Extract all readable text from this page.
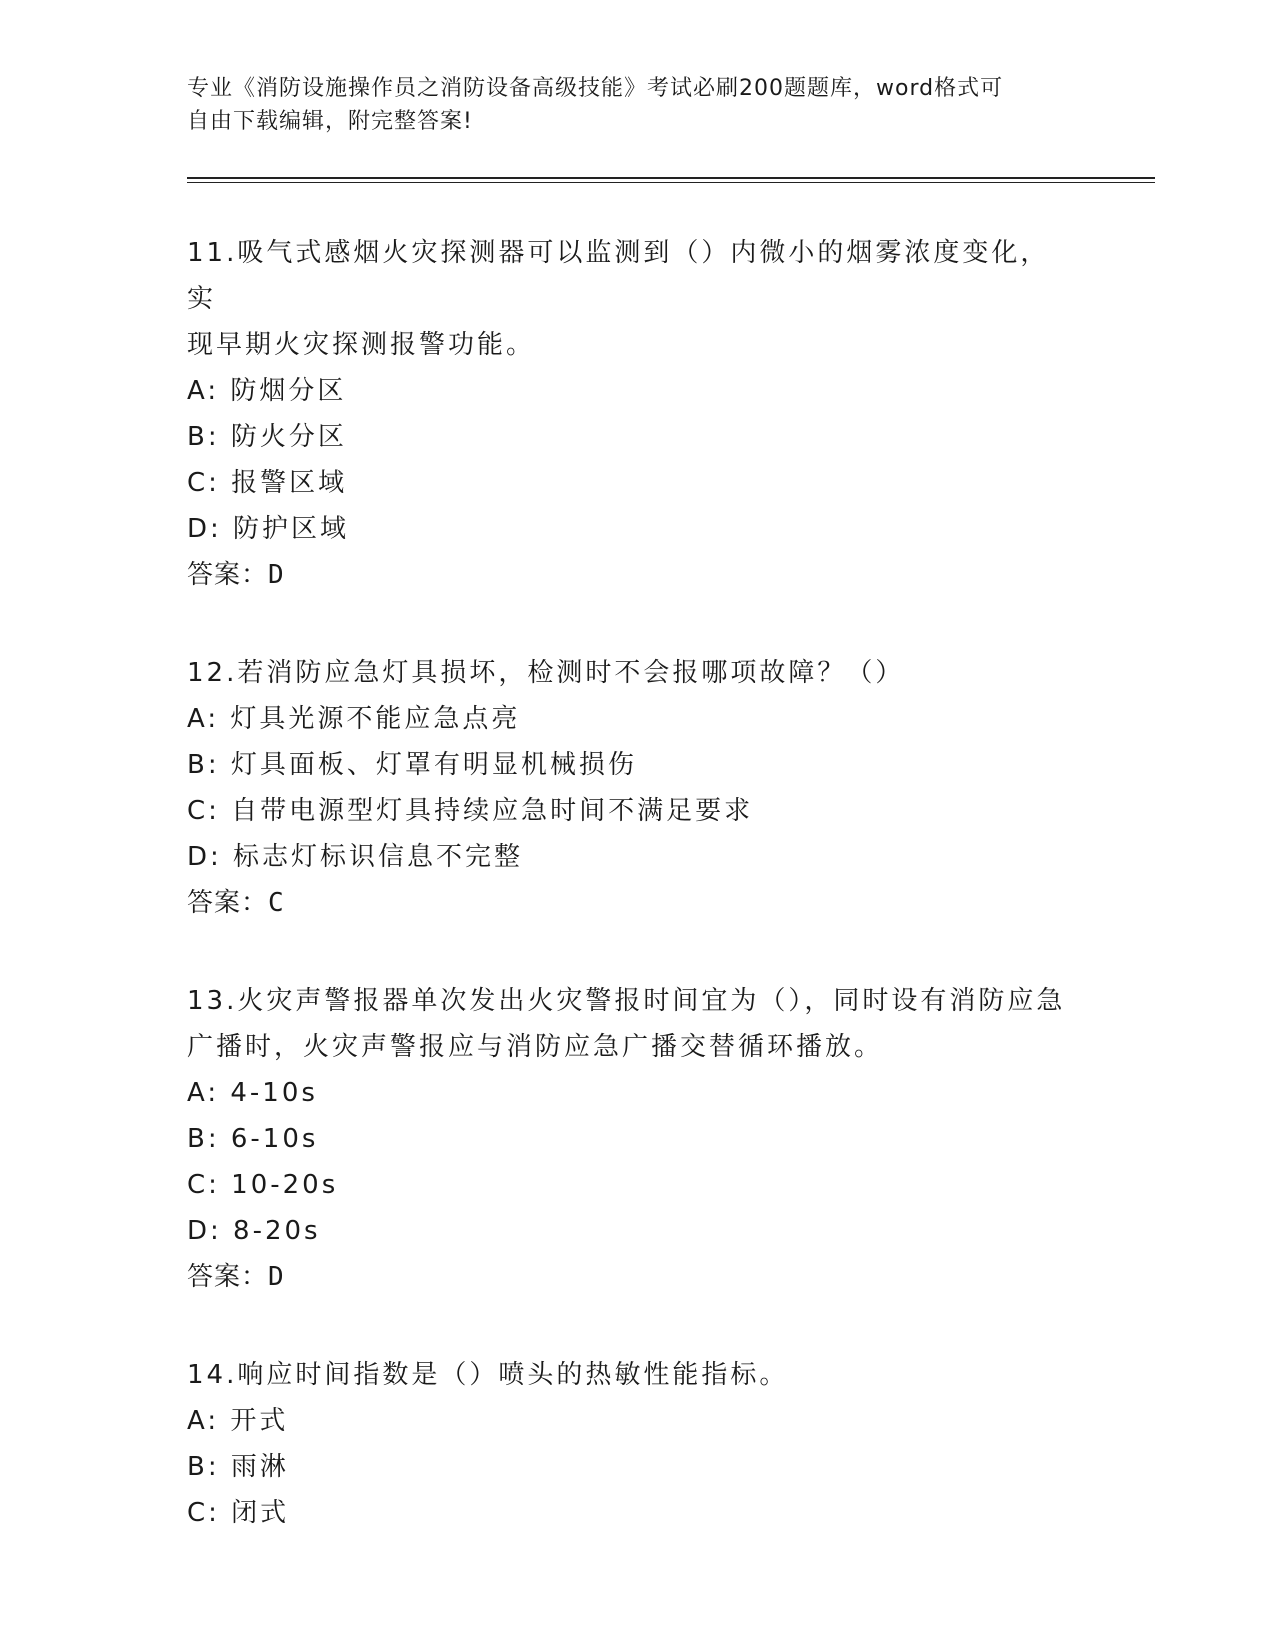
专业《消防设施操作员之消防设备高级技能》考试必刷200题题库，word格式可

自由下载编辑，附完整答案!

11.吸气式感烟火灾探测器可以监测到（）内微小的烟雾浓度变化，实

现早期火灾探测报警功能。

A: 防烟分区

B: 防火分区

C: 报警区域

D: 防护区域

答案：D

12.若消防应急灯具损坏，检测时不会报哪项故障？（）

A: 灯具光源不能应急点亮

B: 灯具面板、灯罩有明显机械损伤

C: 自带电源型灯具持续应急时间不满足要求

D: 标志灯标识信息不完整

答案：C

13.火灾声警报器单次发出火灾警报时间宜为（），同时设有消防应急

广播时，火灾声警报应与消防应急广播交替循环播放。

A: 4-10s

B: 6-10s

C: 10-20s

D: 8-20s

答案：D

14.响应时间指数是（）喷头的热敏性能指标。

A: 开式

B: 雨淋

C: 闭式
